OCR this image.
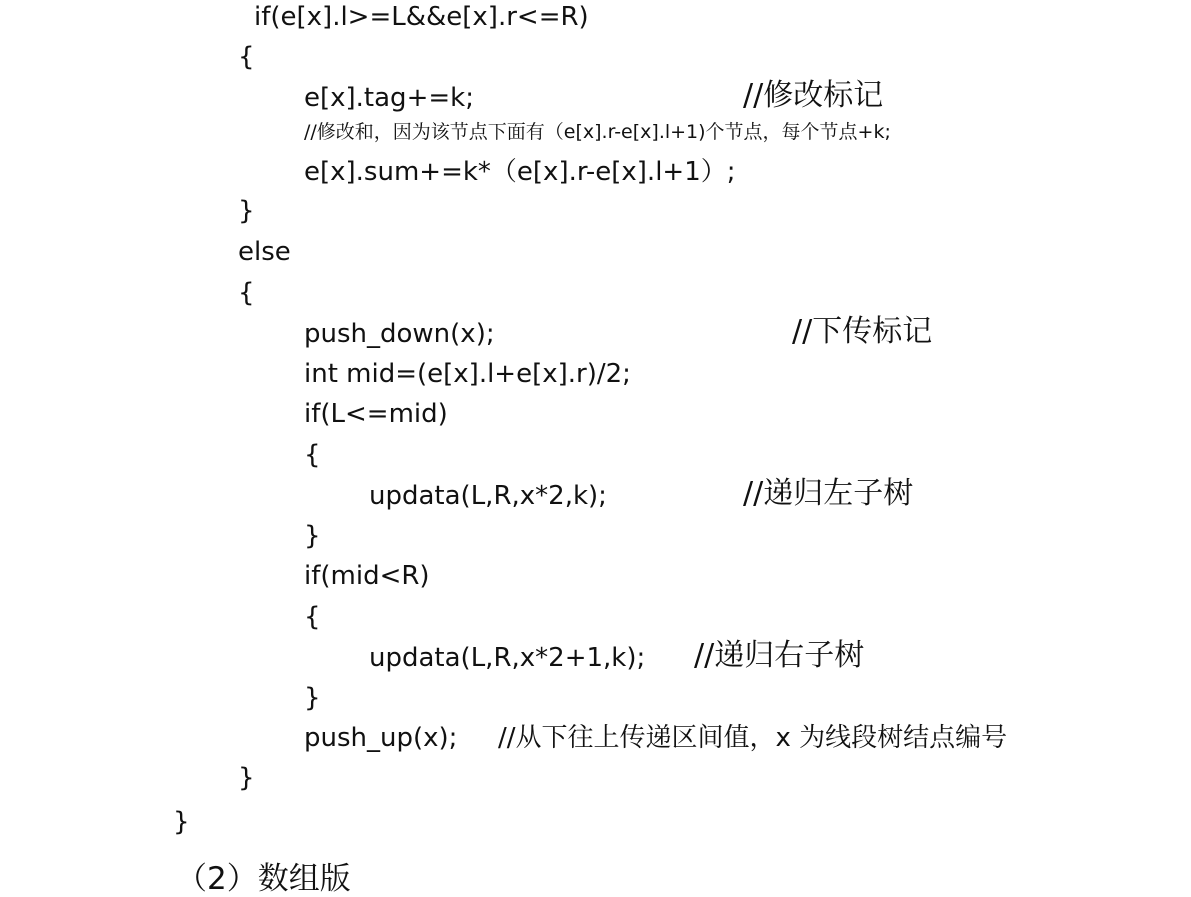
if(e[x].l>=L&&e[x].r<=R)
{
e[x].tag+=k;	//修改标记
//修改和，因为该节点下面有（e[x].r-e[x].l+1)个节点，每个节点+k;
e[x].sum+=k*（e[x].r-e[x].l+1）;
}
else
{
push_down(x);	//下传标记
int mid=(e[x].l+e[x].r)/2;
if(L<=mid)
{
updata(L,R,x*2,k);	//递归左子树
}
if(mid<R)
{
updata(L,R,x*2+1,k); //递归右子树
}
push_up(x); //从下往上传递区间值，x 为线段树结点编号
}
}
（2）数组版
